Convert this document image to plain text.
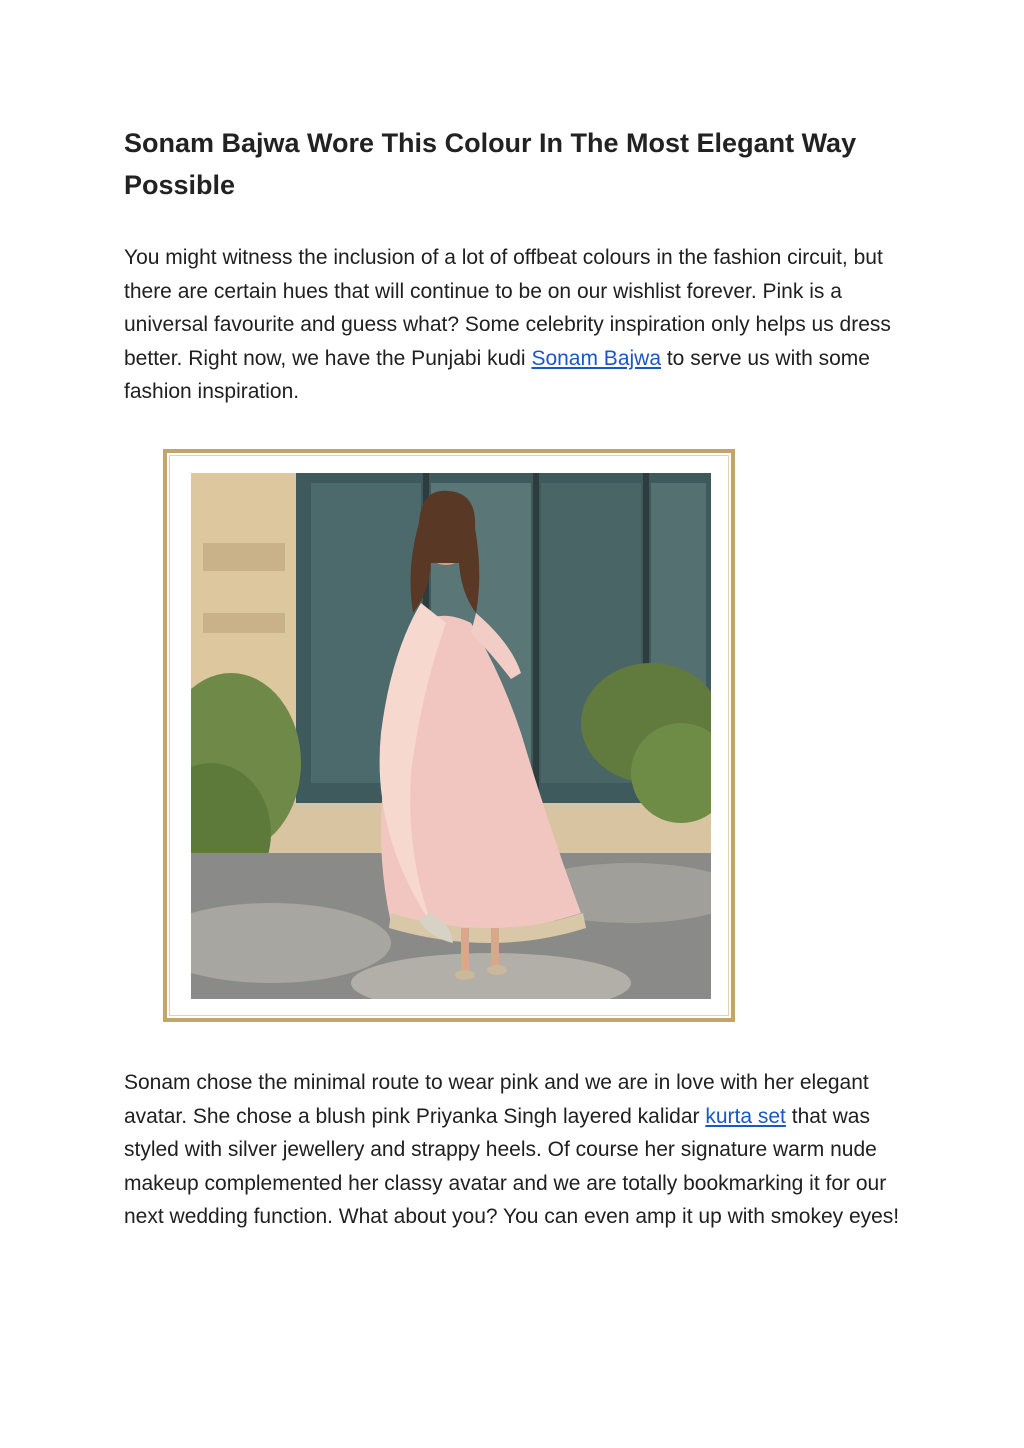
Sonam Bajwa Wore This Colour In The Most Elegant Way Possible

You might witness the inclusion of a lot of offbeat colours in the fashion circuit, but there are certain hues that will continue to be on our wishlist forever. Pink is a universal favourite and guess what? Some celebrity inspiration only helps us dress better. Right now, we have the Punjabi kudi Sonam Bajwa to serve us with some fashion inspiration.

Sonam chose the minimal route to wear pink and we are in love with her elegant avatar. She chose a blush pink Priyanka Singh layered kalidar kurta set that was styled with silver jewellery and strappy heels. Of course her signature warm nude makeup complemented her classy avatar and we are totally bookmarking it for our next wedding function. What about you? You can even amp it up with smokey eyes!
